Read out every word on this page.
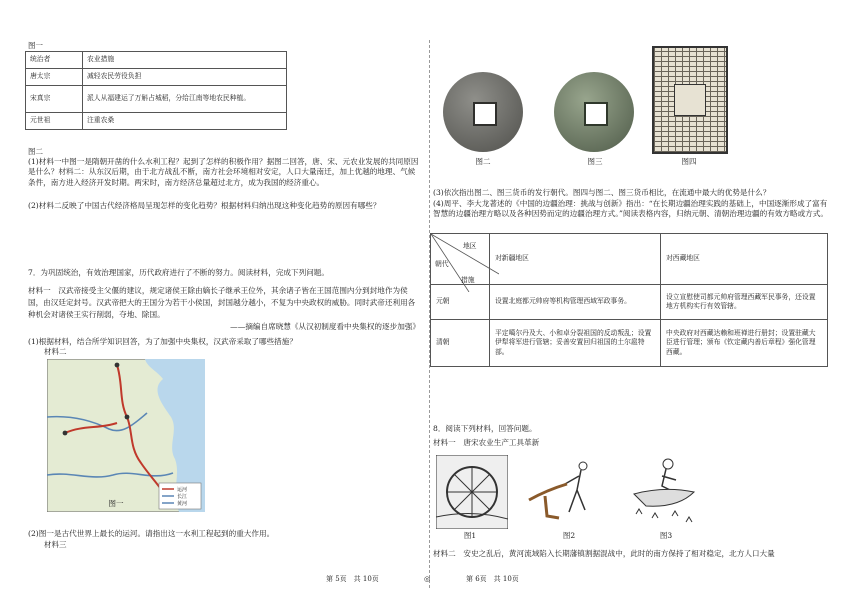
图一
统治者	农业措施
唐太宗	减轻农民劳役负担
宋真宗	派人从福建运了万斛占城稻，分给江南等地农民种植。
元世祖	注重农桑
图二
(1)材料一中图一是隋朝开凿的什么水利工程？起到了怎样的积极作用？据图二回答，唐、宋、元农业发展的共同原因是什么？材料二：从东汉后期，由于北方战乱不断，南方社会环境相对安定，人口大量南迁，加上优越的地理、气候条件，南方进入经济开发时期。两宋时，南方经济总量超过北方，成为我国的经济重心。
(2)材料二反映了中国古代经济格局呈现怎样的变化趋势？根据材料归纳出现这种变化趋势的原因有哪些？
7．为巩固统治，有效治理国家，历代政府进行了不断的努力。阅读材料，完成下列问题。
材料一　汉武帝接受主父偃的建议，规定诸侯王除由嫡长子继承王位外，其余诸子皆在王国范围内分到封地作为侯国，由汉廷定封号。汉武帝把大的王国分为若干小侯国，封国越分越小，不复为中央政权的威胁。同时武帝还利用各种机会对诸侯王实行削弱，夺地、除国。
——摘编自席晓慧《从汉初制度看中央集权的逐步加强》
(1)根据材料，结合所学知识回答，为了加强中央集权，汉武帝采取了哪些措施？
材料二
运河
长江
黄河
图一
(2)图一是古代世界上最长的运河。请指出这一水利工程起到的重大作用。
材料三
图二	图三	图四
(3)依次指出图二、图三货币的发行朝代。图四与图二、图三货币相比，在流通中最大的优势是什么？
(4)周平、李大龙著述的《中国的边疆治理：挑战与创新》指出：“在长期边疆治理实践的基础上，中国逐渐形成了富有智慧的边疆治理方略以及各种因势而定的边疆治理方式。”阅读表格内容，归纳元朝、清朝治理边疆的有效方略或方式。
地区
朝代
措施	对新疆地区	对西藏地区
元朝	设置北庭都元帅府等机构管理西域军政事务。	设立宣慰使司都元帅府管理西藏军民事务，还设置地方机构实行有效管辖。
清朝	平定噶尔丹及大、小和卓分裂祖国的反动叛乱；设置伊犁将军进行管辖；妥善安置回归祖国的土尔扈特部。	中央政府对西藏达赖和班禅进行册封；设置驻藏大臣进行管理；颁布《钦定藏内善后章程》强化管理西藏。
8．阅读下列材料，回答问题。
材料一　唐宋农业生产工具革新
图1	图2	图3
材料二　安史之乱后，黄河流域陷入长期藩镇割据混战中，此时的南方保持了相对稳定，北方人口大量
第 5页　共 10页	◎	第 6页　共 10页
